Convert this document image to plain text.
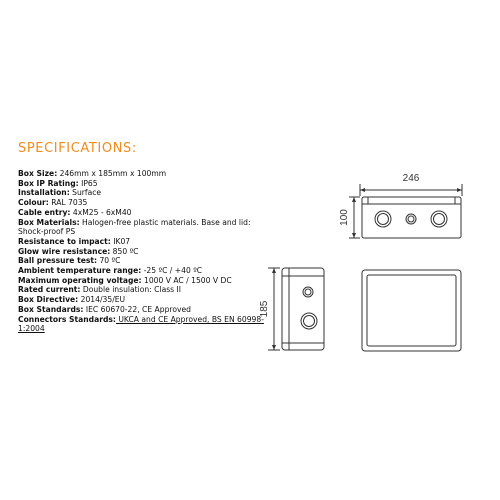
SPECIFICATIONS:
Box Size: 246mm x 185mm x 100mm
Box IP Rating: IP65
Installation: Surface
Colour: RAL 7035
Cable entry: 4xM25 - 6xM40
Box Materials: Halogen-free plastic materials. Base and lid: Shock-proof PS
Resistance to impact: IK07
Glow wire resistance: 850 ºC
Ball pressure test: 70 ºC
Ambient temperature range: -25 ºC / +40 ºC
Maximum operating voltage: 1000 V AC / 1500 V DC
Rated current: Double insulation: Class II
Box Directive: 2014/35/EU
Box Standards: IEC 60670-22, CE Approved
Connectors Standards: UKCA and CE Approved, BS EN 60998-1:2004
246
100
185
